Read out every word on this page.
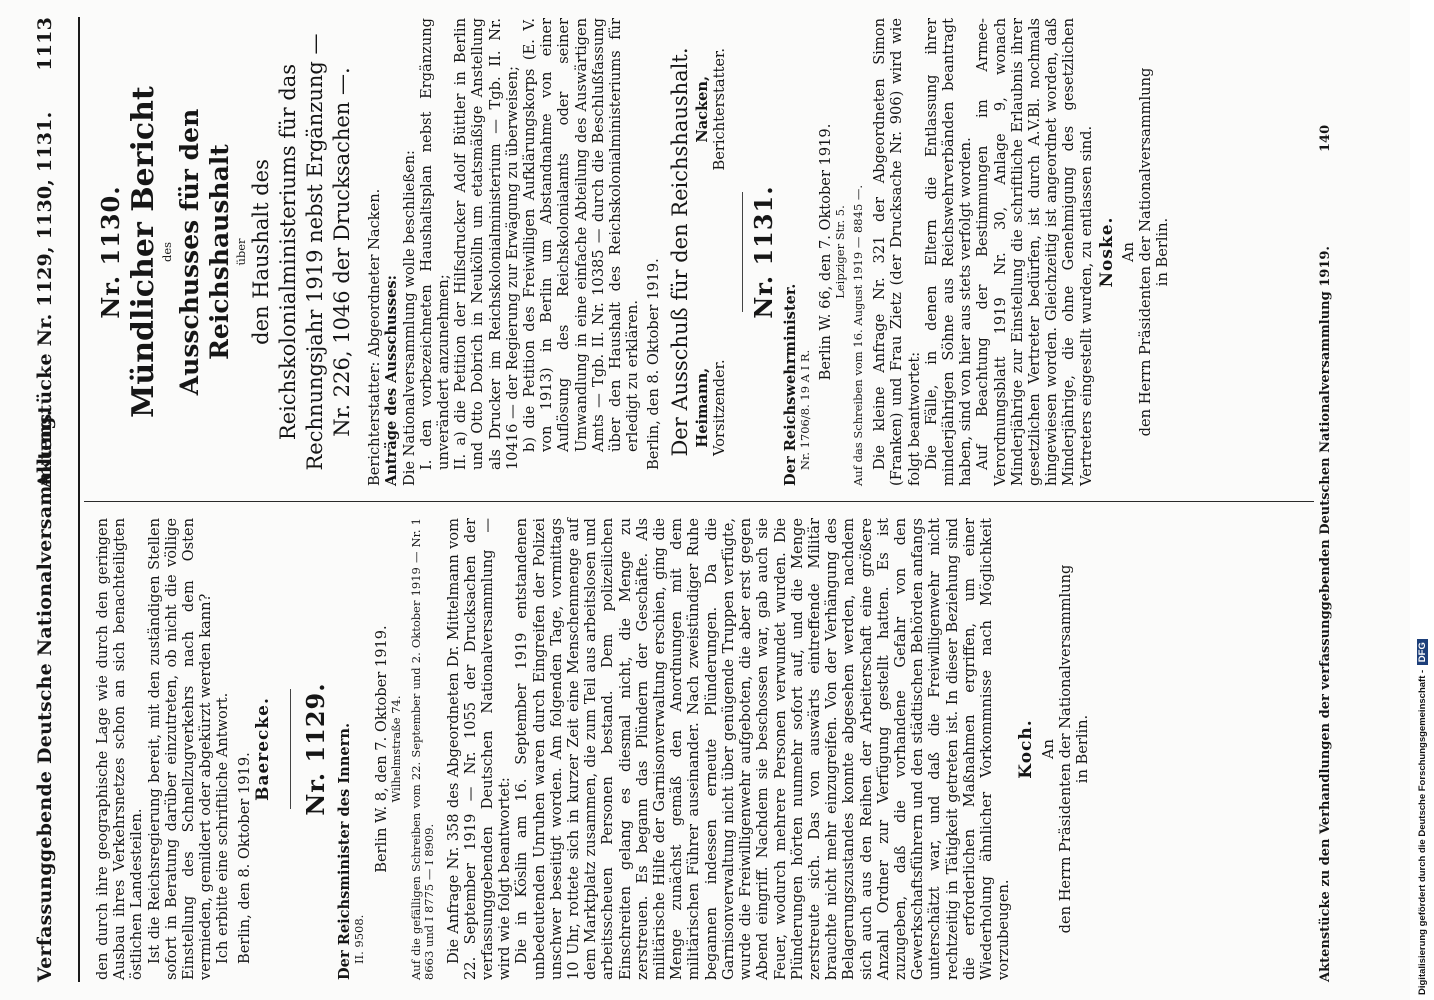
Verfassunggebende Deutsche Nationalversammlung.
Aktenstücke Nr. 1129, 1130, 1131.      1113

den durch ihre geographische Lage wie durch den geringen Ausbau ihres Verkehrsnetzes schon an sich benachteiligten östlichen Landesteilen. Ist die Reichsregierung bereit, mit den zuständigen Stellen sofort in Beratung darüber einzutreten, ob nicht die völlige Einstellung des Schnellzugverkehrs nach dem Osten vermieden, gemildert oder abgekürzt werden kann? Ich erbitte eine schriftliche Antwort. Berlin, den 8. Oktober 1919.

Baerecke. Nr. 1129. Der Reichsminister des Innern. II. 9508.

Berlin W. 8, den 7. Oktober 1919. Wilhelmstraße 74. Auf die gefälligen Schreiben vom 22. September und 2. Oktober 1919 — Nr. 1 8663 und I 8775 — I 8909. Die Anfrage Nr. 358 des Abgeordneten Dr. Mittelmann vom 22. September 1919 — Nr. 1055 der Drucksachen der verfassunggebenden Deutschen Nationalversammlung — wird wie folgt beantwortet: Die in Köslin am 16. September 1919 entstandenen unbedeutenden Unruhen waren durch Eingreifen der Polizei unschwer beseitigt worden. Am folgenden Tage, vormittags 10 Uhr, rottete sich in kurzer Zeit eine Menschenmenge auf dem Marktplatz zusammen, die zum Teil aus arbeitslosen und arbeitsscheuen Personen bestand. Dem polizeilichen Einschreiten gelang es diesmal nicht, die Menge zu zerstreuen. Es begann das Plündern der Geschäfte. Als militärische Hilfe der Garnisonverwaltung erschien, ging die Menge zunächst gemäß den Anordnungen mit dem militärischen Führer auseinander. Nach zweistündiger Ruhe begannen indessen erneute Plünderungen. Da die Garnisonverwaltung nicht über genügende Truppen verfügte, wurde die Freiwilligenwehr aufgeboten, die aber erst gegen Abend eingriff. Nachdem sie beschossen war, gab auch sie Feuer, wodurch mehrere Personen verwundet wurden. Die Plünderungen hörten nunmehr sofort auf, und die Menge zerstreute sich. Das von auswärts eintreffende Militär brauchte nicht mehr einzugreifen. Von der Verhängung des Belagerungszustandes konnte abgesehen werden, nachdem sich auch aus den Reihen der Arbeiterschaft eine größere Anzahl Ordner zur Verfügung gestellt hatten. Es ist zuzugeben, daß die vorhandene Gefahr von den Gewerkschaftsführern und den städtischen Behörden anfangs unterschätzt war, und daß die Freiwilligenwehr nicht rechtzeitig in Tätigkeit getreten ist. In dieser Beziehung sind die erforderlichen Maßnahmen ergriffen, um einer Wiederholung ähnlicher Vorkommnisse nach Möglichkeit vorzubeugen.

Koch. An den Herrn Präsidenten der Nationalversammlung in Berlin.

Nr. 1130. Mündlicher Bericht des Ausschusses für den Reichshaushalt über den Haushalt des Reichskolonialministeriums für das Rechnungsjahr 1919 nebst Ergänzung — Nr. 226, 1046 der Drucksachen —. Berichterstatter: Abgeordneter Nacken. Anträge des Ausschusses: Die Nationalversammlung wolle beschließen: I. den vorbezeichneten Haushaltsplan nebst Ergänzung unverändert anzunehmen; II. a) die Petition der Hilfsdrucker Adolf Büttler in Berlin und Otto Dobrich in Neukölln um etatsmäßige Anstellung als Drucker im Reichskolonialministerium — Tgb. II. Nr. 10416 — der Regierung zur Erwägung zu überweisen; b) die Petition des Freiwilligen Aufklärungskorps (E. V. von 1913) in Berlin um Abstandnahme von einer Auflösung des Reichskolonialamts oder seiner Umwandlung in eine einfache Abteilung des Auswärtigen Amts — Tgb. II. Nr. 10385 — durch die Beschlußfassung über den Haushalt des Reichskolonialministeriums für erledigt zu erklären. Berlin, den 8. Oktober 1919. Der Ausschuß für den Reichshaushalt. Heimann, Vorsitzender.

Nacken, Berichterstatter.

Nr. 1131.

Der Reichswehrminister. Nr. 1706/8. 19 A I R.

Berlin W. 66, den 7. Oktober 1919. Leipziger Str. 5. Auf das Schreiben vom 16. August 1919 — 8845 —. Die kleine Anfrage Nr. 321 der Abgeordneten Simon (Franken) und Frau Zietz (der Drucksache Nr. 906) wird wie folgt beantwortet: Die Fälle, in denen Eltern die Entlassung ihrer minderjährigen Söhne aus Reichswehrverbänden beantragt haben, sind von hier aus stets verfolgt worden. Auf Beachtung der Bestimmungen im Armee-Verordnungsblatt 1919 Nr. 30, Anlage 9, wonach Minderjährige zur Einstellung die schriftliche Erlaubnis ihrer gesetzlichen Vertreter bedürfen, ist durch A.V.Bl. nochmals hingewiesen worden. Gleichzeitig ist angeordnet worden, daß Minderjährige, die ohne Genehmigung des gesetzlichen Vertreters eingestellt wurden, zu entlassen sind. Noske. An den Herrn Präsidenten der Nationalversammlung in Berlin.	Aktenstücke zu den Verhandlungen der verfassunggebenden Deutschen Nationalversammlung 1919.
140
Digitalisierung gefördert durch die Deutsche Forschungsgemeinschaft - DFG
